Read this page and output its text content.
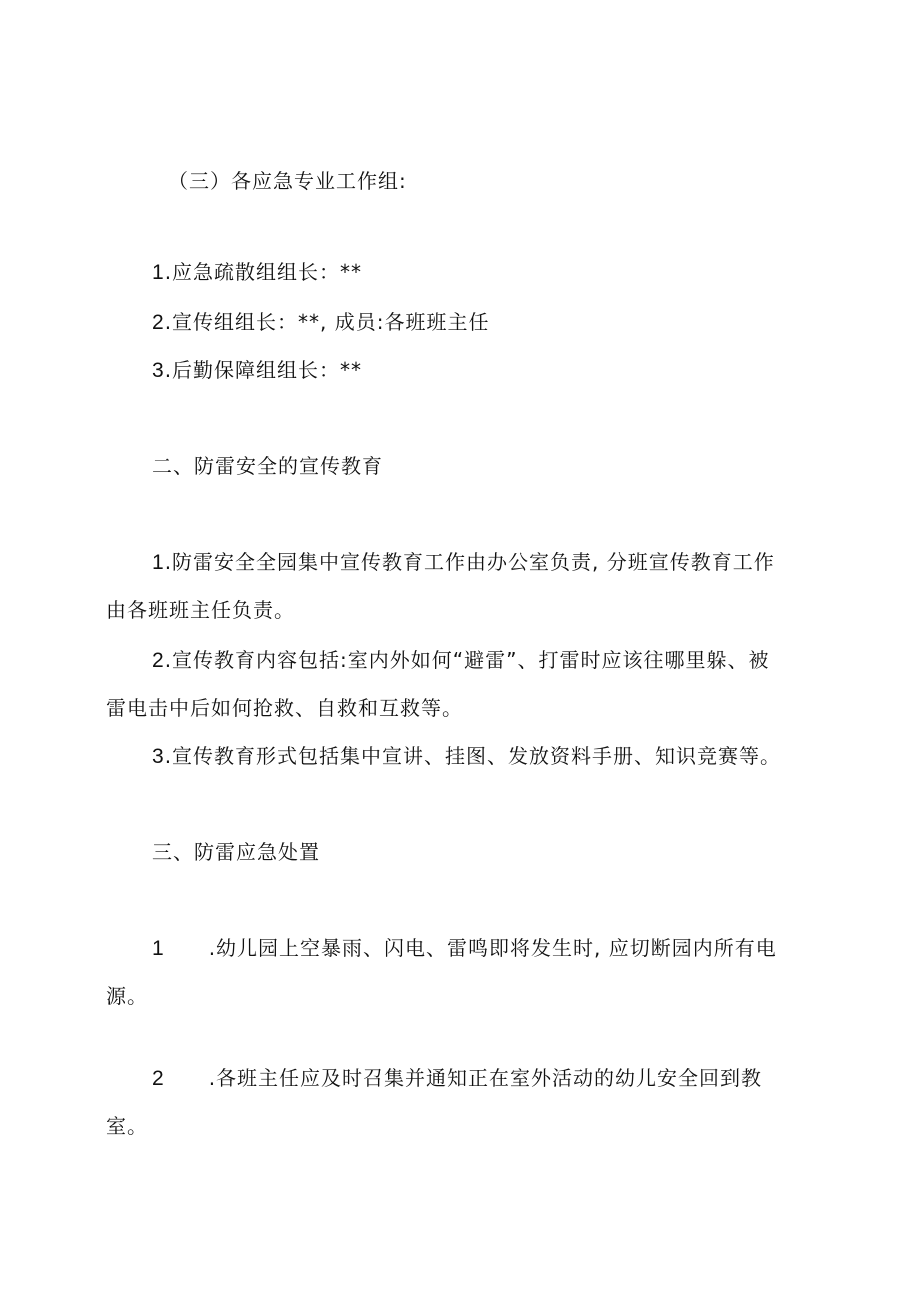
（三）各应急专业工作组:
1.应急疏散组组长：**
2.宣传组组长：**, 成员:各班班主任
3.后勤保障组组长：**
二、防雷安全的宣传教育
1.防雷安全全园集中宣传教育工作由办公室负责, 分班宣传教育工作
由各班班主任负责。
2.宣传教育内容包括:室内外如何“避雷”、打雷时应该往哪里躲、被
雷电击中后如何抢救、自救和互救等。
3.宣传教育形式包括集中宣讲、挂图、发放资料手册、知识竞赛等。
三、防雷应急处置
1 .幼儿园上空暴雨、闪电、雷鸣即将发生时, 应切断园内所有电
源。
2 .各班主任应及时召集并通知正在室外活动的幼儿安全回到教
室。
